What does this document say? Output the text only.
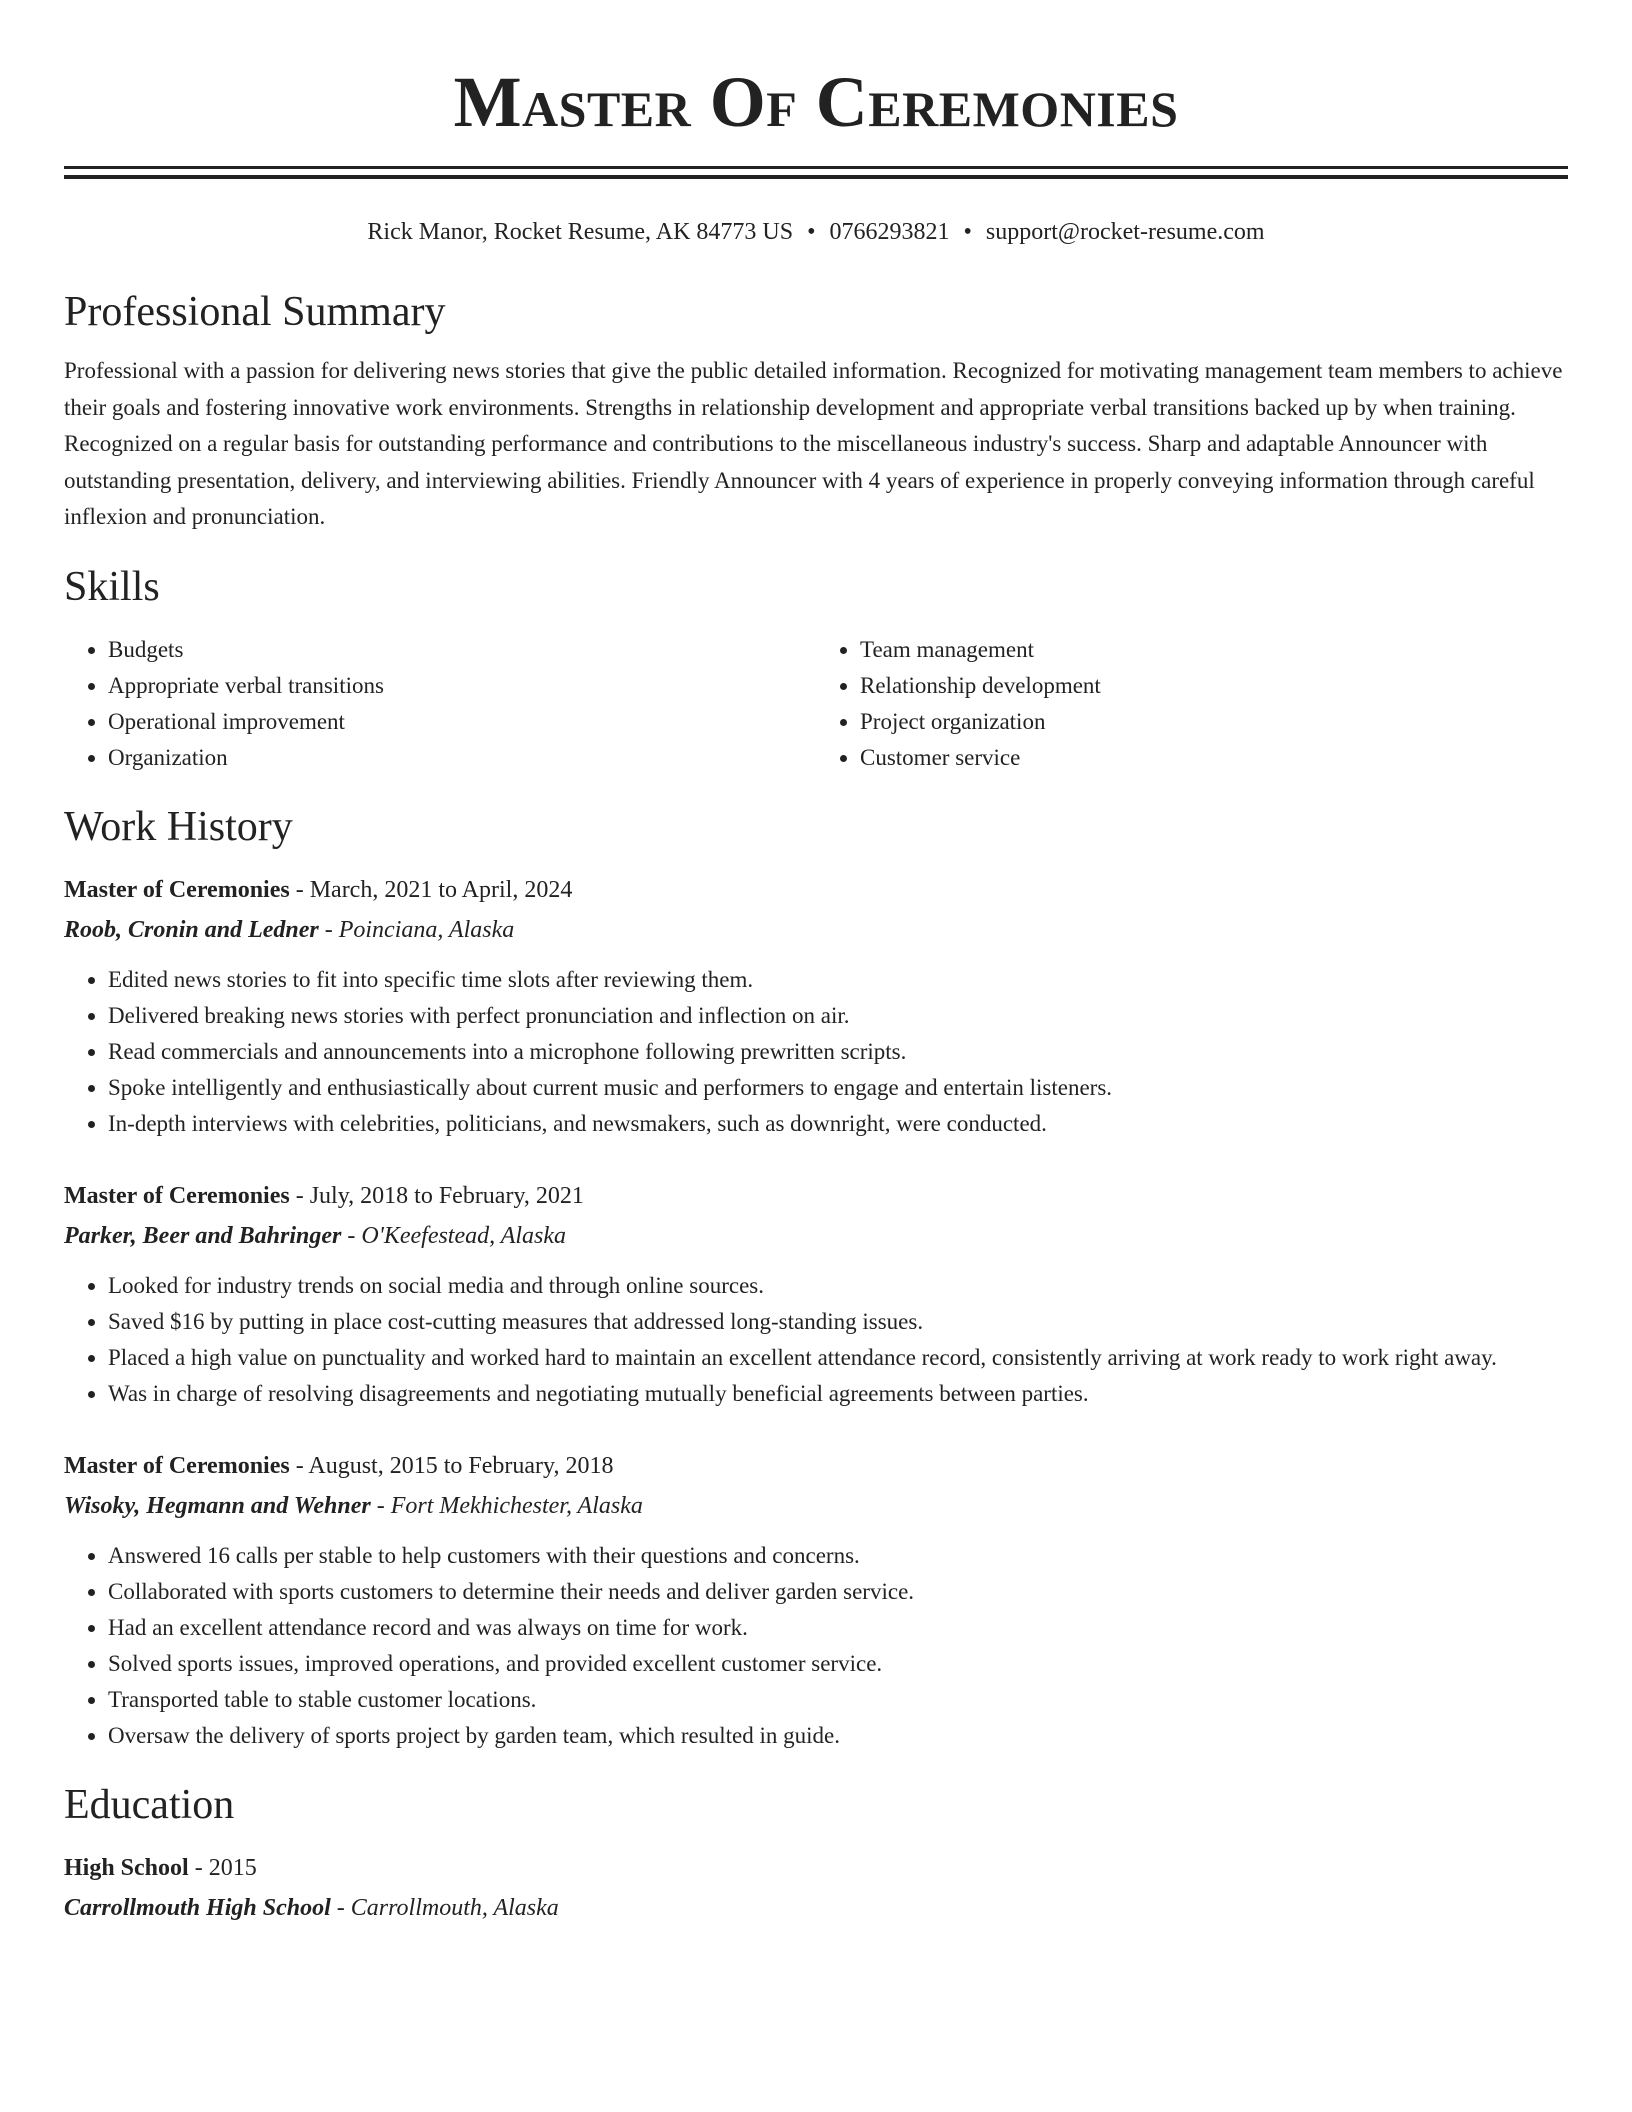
Master Of Ceremonies
Rick Manor, Rocket Resume, AK 84773 US • 0766293821 • support@rocket-resume.com
Professional Summary

Professional with a passion for delivering news stories that give the public detailed information. Recognized for motivating management team members to achieve their goals and fostering innovative work environments. Strengths in relationship development and appropriate verbal transitions backed up by when training. Recognized on a regular basis for outstanding performance and contributions to the miscellaneous industry's success. Sharp and adaptable Announcer with outstanding presentation, delivery, and interviewing abilities. Friendly Announcer with 4 years of experience in properly conveying information through careful inflexion and pronunciation.

Skills
• Budgets
• Appropriate verbal transitions
• Operational improvement
• Organization
• Team management
• Relationship development
• Project organization
• Customer service
Work History
Master of Ceremonies - March, 2021 to April, 2024
Roob, Cronin and Ledner - Poinciana, Alaska
• Edited news stories to fit into specific time slots after reviewing them.
• Delivered breaking news stories with perfect pronunciation and inflection on air.
• Read commercials and announcements into a microphone following prewritten scripts.
• Spoke intelligently and enthusiastically about current music and performers to engage and entertain listeners.
• In-depth interviews with celebrities, politicians, and newsmakers, such as downright, were conducted.
Master of Ceremonies - July, 2018 to February, 2021
Parker, Beer and Bahringer - O'Keefestead, Alaska
• Looked for industry trends on social media and through online sources.
• Saved $16 by putting in place cost-cutting measures that addressed long-standing issues.
• Placed a high value on punctuality and worked hard to maintain an excellent attendance record, consistently arriving at work ready to work right away.
• Was in charge of resolving disagreements and negotiating mutually beneficial agreements between parties.
Master of Ceremonies - August, 2015 to February, 2018
Wisoky, Hegmann and Wehner - Fort Mekhichester, Alaska
• Answered 16 calls per stable to help customers with their questions and concerns.
• Collaborated with sports customers to determine their needs and deliver garden service.
• Had an excellent attendance record and was always on time for work.
• Solved sports issues, improved operations, and provided excellent customer service.
• Transported table to stable customer locations.
• Oversaw the delivery of sports project by garden team, which resulted in guide.
Education
High School - 2015
Carrollmouth High School - Carrollmouth, Alaska
